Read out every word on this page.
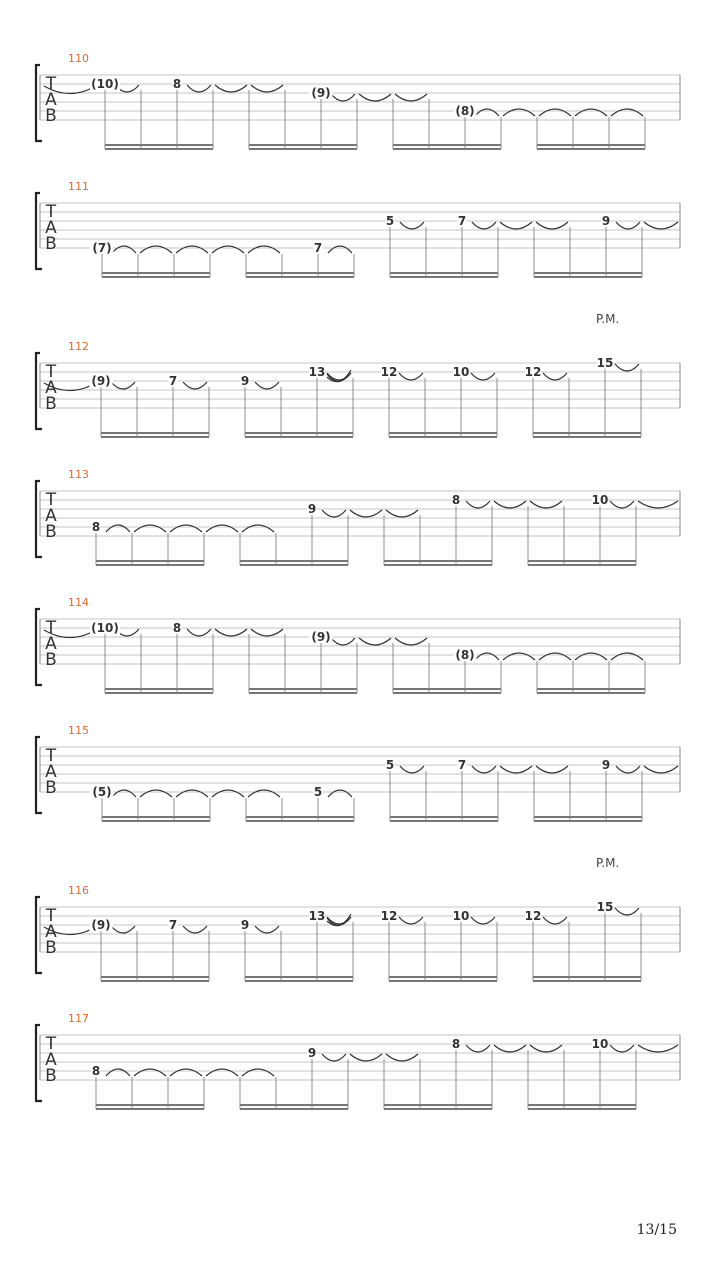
T
A
B
110
(10)	8
(9)
(8)
T
A
B
111
(7)	7
5	7	9
T
A
B
112
P.M.
(9)	7	9
13	12	10	12
15
T
A
B
113
8
9
8	10
T
A
B
114
(10)	8
(9)
(8)
T
A
B
115
(5)	5
5	7	9
T
A
B
116
P.M.
(9)	7	9
13	12	10	12
15
T
A
B
117
8
9
8	10
13/15
